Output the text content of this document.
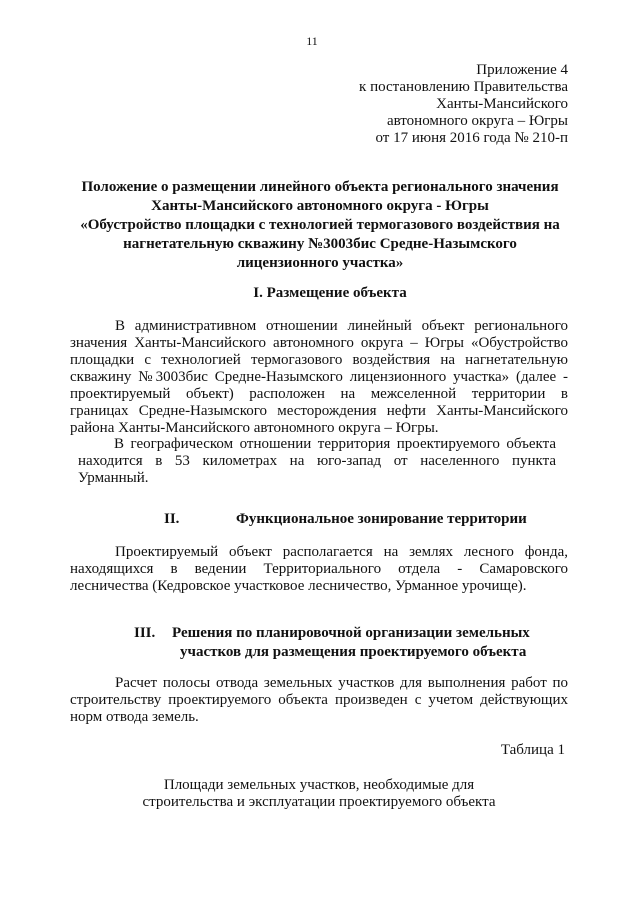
11
Приложение 4
к постановлению Правительства
Ханты-Мансийского
автономного округа – Югры
от 17 июня 2016 года № 210-п
Положение о размещении линейного объекта регионального значения
Ханты-Мансийского автономного округа - Югры
«Обустройство площадки с технологией термогазового воздействия на
нагнетательную скважину №3003бис Средне-Назымского
лицензионного участка»
I. Размещение объекта
В административном отношении линейный объект регионального
значения Ханты-Мансийского автономного округа – Югры «Обустройство
площадки с технологией термогазового воздействия на нагнетательную
скважину №3003бис Средне-Назымского лицензионного участка» (далее -
проектируемый объект) расположен на межселенной территории в
границах Средне-Назымского месторождения нефти Ханты-Мансийского
района Ханты-Мансийского автономного округа – Югры.
В географическом отношении территория проектируемого объекта
находится в 53 километрах на юго-запад от населенного пункта
Урманный.
II.	Функциональное зонирование территории
Проектируемый объект располагается на землях лесного фонда,
находящихся в ведении Территориального отдела - Самаровского
лесничества (Кедровское участковое лесничество, Урманное урочище).
III. Решения по планировочной организации земельных
участков для размещения проектируемого объекта
Расчет полосы отвода земельных участков для выполнения работ по
строительству проектируемого объекта произведен с учетом действующих
норм отвода земель.
Таблица 1
Площади земельных участков, необходимые для
строительства и эксплуатации проектируемого объекта
